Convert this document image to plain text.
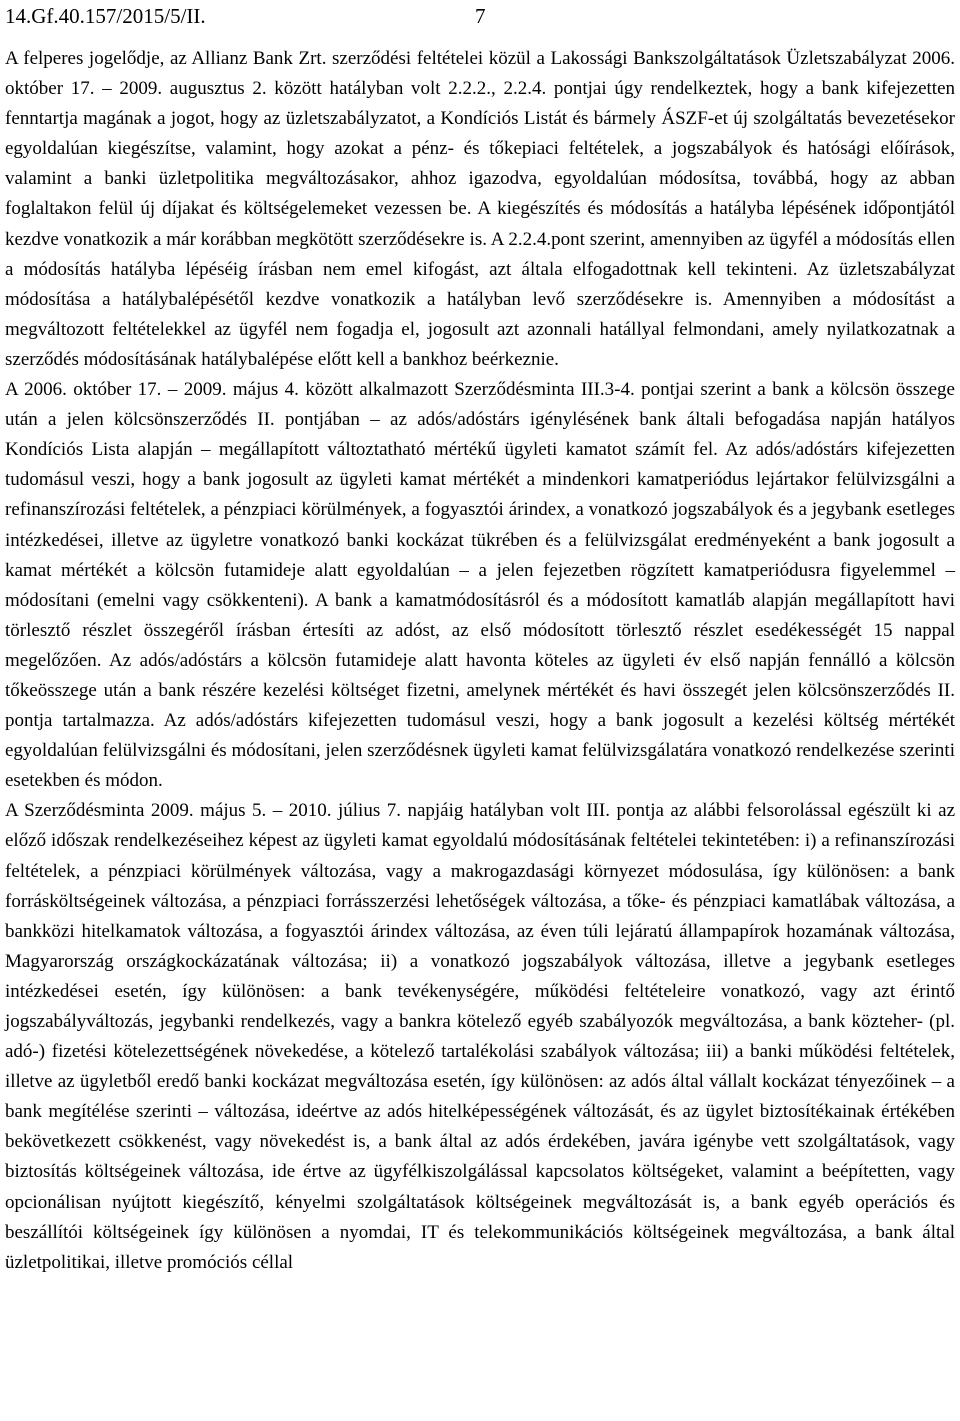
14.Gf.40.157/2015/5/II.	7

A felperes jogelődje, az Allianz Bank Zrt. szerződési feltételei közül a Lakossági Bankszolgáltatások Üzletszabályzat 2006. október 17. – 2009. augusztus 2. között hatályban volt 2.2.2., 2.2.4. pontjai úgy rendelkeztek, hogy a bank kifejezetten fenntartja magának a jogot, hogy az üzletszabályzatot, a Kondíciós Listát és bármely ÁSZF-et új szolgáltatás bevezetésekor egyoldalúan kiegészítse, valamint, hogy azokat a pénz- és tőkepiaci feltételek, a jogszabályok és hatósági előírások, valamint a banki üzletpolitika megváltozásakor, ahhoz igazodva, egyoldalúan módosítsa, továbbá, hogy az abban foglaltakon felül új díjakat és költségelemeket vezessen be. A kiegészítés és módosítás a hatályba lépésének időpontjától kezdve vonatkozik a már korábban megkötött szerződésekre is. A 2.2.4.pont szerint, amennyiben az ügyfél a módosítás ellen a módosítás hatályba lépéséig írásban nem emel kifogást, azt általa elfogadottnak kell tekinteni. Az üzletszabályzat módosítása a hatálybalépésétől kezdve vonatkozik a hatályban levő szerződésekre is. Amennyiben a módosítást a megváltozott feltételekkel az ügyfél nem fogadja el, jogosult azt azonnali hatállyal felmondani, amely nyilatkozatnak a szerződés módosításának hatálybalépése előtt kell a bankhoz beérkeznie.

A 2006. október 17. – 2009. május 4. között alkalmazott Szerződésminta III.3-4. pontjai szerint a bank a kölcsön összege után a jelen kölcsönszerződés II. pontjában – az adós/adóstárs igénylésének bank általi befogadása napján hatályos Kondíciós Lista alapján – megállapított változtatható mértékű ügyleti kamatot számít fel. Az adós/adóstárs kifejezetten tudomásul veszi, hogy a bank jogosult az ügyleti kamat mértékét a mindenkori kamatperiódus lejártakor felülvizsgálni a refinanszírozási feltételek, a pénzpiaci körülmények, a fogyasztói árindex, a vonatkozó jogszabályok és a jegybank esetleges intézkedései, illetve az ügyletre vonatkozó banki kockázat tükrében és a felülvizsgálat eredményeként a bank jogosult a kamat mértékét a kölcsön futamideje alatt egyoldalúan – a jelen fejezetben rögzített kamatperiódusra figyelemmel – módosítani (emelni vagy csökkenteni). A bank a kamatmódosításról és a módosított kamatláb alapján megállapított havi törlesztő részlet összegéről írásban értesíti az adóst, az első módosított törlesztő részlet esedékességét 15 nappal megelőzően. Az adós/adóstárs a kölcsön futamideje alatt havonta köteles az ügyleti év első napján fennálló a kölcsön tőkeösszege után a bank részére kezelési költséget fizetni, amelynek mértékét és havi összegét jelen kölcsönszerződés II. pontja tartalmazza. Az adós/adóstárs kifejezetten tudomásul veszi, hogy a bank jogosult a kezelési költség mértékét egyoldalúan felülvizsgálni és módosítani, jelen szerződésnek ügyleti kamat felülvizsgálatára vonatkozó rendelkezése szerinti esetekben és módon.

A Szerződésminta 2009. május 5. – 2010. július 7. napjáig hatályban volt III. pontja az alábbi felsorolással egészült ki az előző időszak rendelkezéseihez képest az ügyleti kamat egyoldalú módosításának feltételei tekintetében: i) a refinanszírozási feltételek, a pénzpiaci körülmények változása, vagy a makrogazdasági környezet módosulása, így különösen: a bank forrásköltségeinek változása, a pénzpiaci forrásszerzési lehetőségek változása, a tőke- és pénzpiaci kamatlábak változása, a bankközi hitelkamatok változása, a fogyasztói árindex változása, az éven túli lejáratú állampapírok hozamának változása, Magyarország országkockázatának változása; ii) a vonatkozó jogszabályok változása, illetve a jegybank esetleges intézkedései esetén, így különösen: a bank tevékenységére, működési feltételeire vonatkozó, vagy azt érintő jogszabályváltozás, jegybanki rendelkezés, vagy a bankra kötelező egyéb szabályozók megváltozása, a bank közteher- (pl. adó-) fizetési kötelezettségének növekedése, a kötelező tartalékolási szabályok változása; iii) a banki működési feltételek, illetve az ügyletből eredő banki kockázat megváltozása esetén, így különösen: az adós által vállalt kockázat tényezőinek – a bank megítélése szerinti – változása, ideértve az adós hitelképességének változását, és az ügylet biztosítékainak értékében bekövetkezett csökkenést, vagy növekedést is, a bank által az adós érdekében, javára igénybe vett szolgáltatások, vagy biztosítás költségeinek változása, ide értve az ügyfélkiszolgálással kapcsolatos költségeket, valamint a beépítetten, vagy opcionálisan nyújtott kiegészítő, kényelmi szolgáltatások költségeinek megváltozását is, a bank egyéb operációs és beszállítói költségeinek így különösen a nyomdai, IT és telekommunikációs költségeinek megváltozása, a bank által üzletpolitikai, illetve promóciós céllal
